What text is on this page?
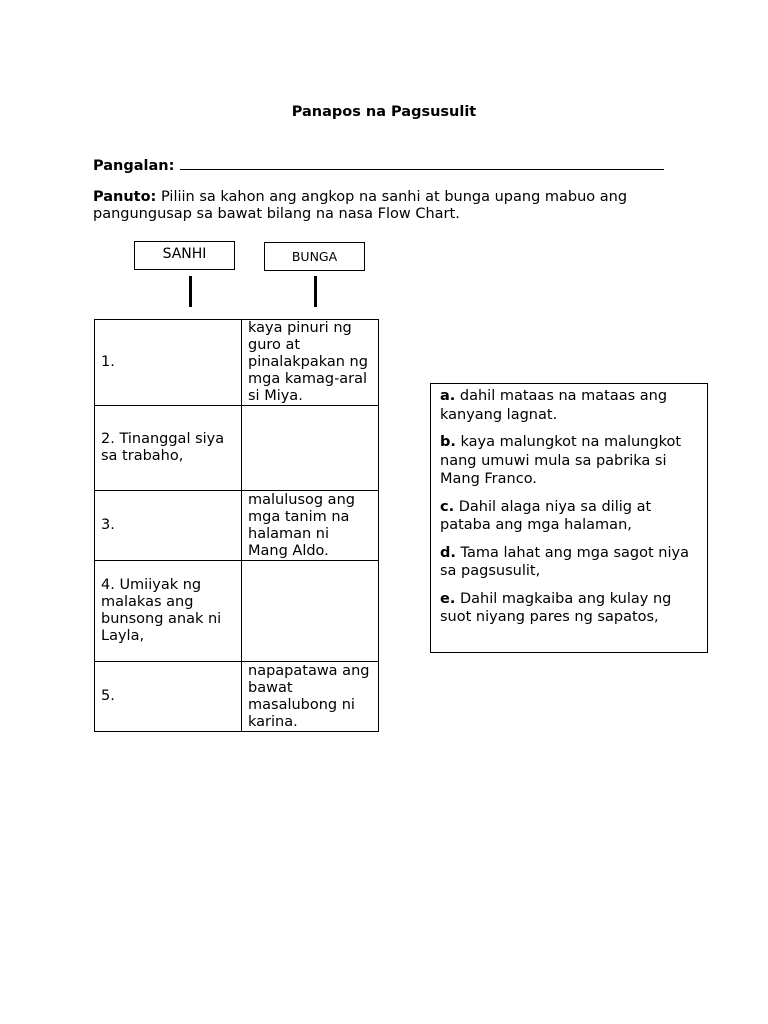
Panapos na Pagsusulit
Pangalan:
Panuto: Piliin sa kahon ang angkop na sanhi at bunga upang mabuo ang pangungusap sa bawat bilang na nasa Flow Chart.
SANHI	BUNGA
1.	kaya pinuri ng guro at pinalakpakan ng mga kamag-aral si Miya.
2. Tinanggal siya sa trabaho,	
3.	malulusog ang mga tanim na halaman ni Mang Aldo.
4. Umiiyak ng malakas ang bunsong anak ni Layla,	
5.	napapatawa ang bawat masalubong ni karina.
a. dahil mataas na mataas ang kanyang lagnat.
b. kaya malungkot na malungkot nang umuwi mula sa pabrika si Mang Franco.
c. Dahil alaga niya sa dilig at pataba ang mga halaman,
d. Tama lahat ang mga sagot niya sa pagsusulit,
e. Dahil magkaiba ang kulay ng suot niyang pares ng sapatos,
